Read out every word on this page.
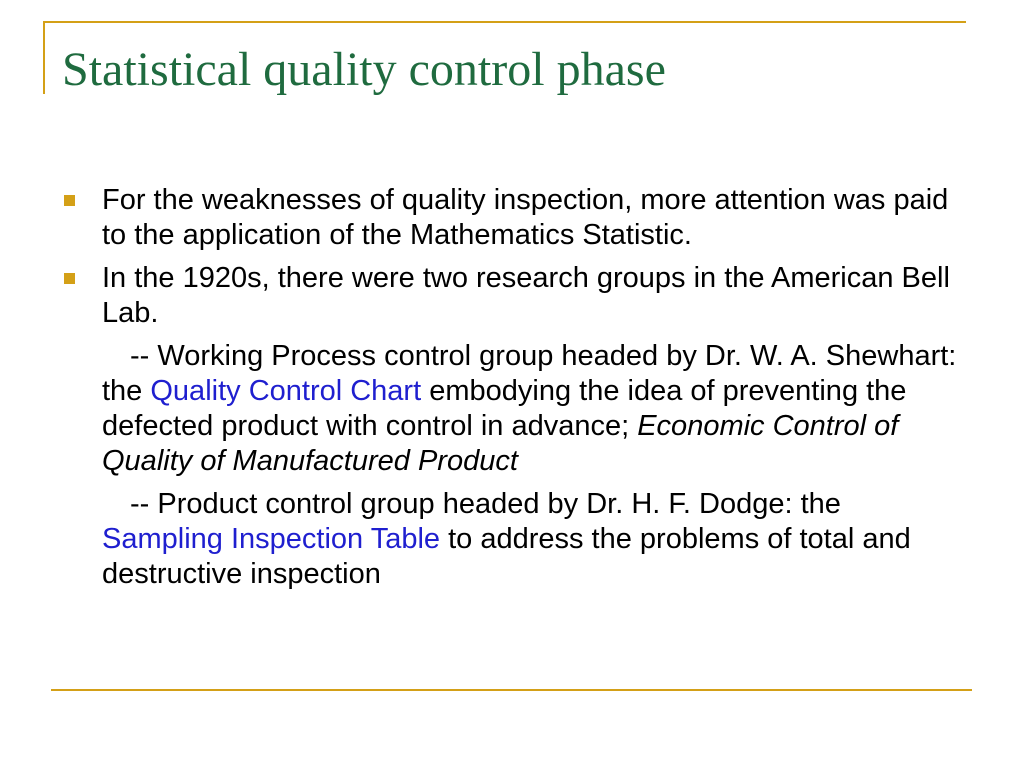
Statistical quality control phase
For the weaknesses of quality inspection, more attention was paid to the application of the Mathematics Statistic.
In the 1920s, there were two research groups in the American Bell Lab.
-- Working Process control group headed by Dr. W. A. Shewhart: the Quality Control Chart embodying the idea of preventing the defected product with control in advance; Economic Control of Quality of Manufactured Product
-- Product control group headed by Dr. H. F. Dodge: the Sampling Inspection Table to address the problems of total and destructive inspection
